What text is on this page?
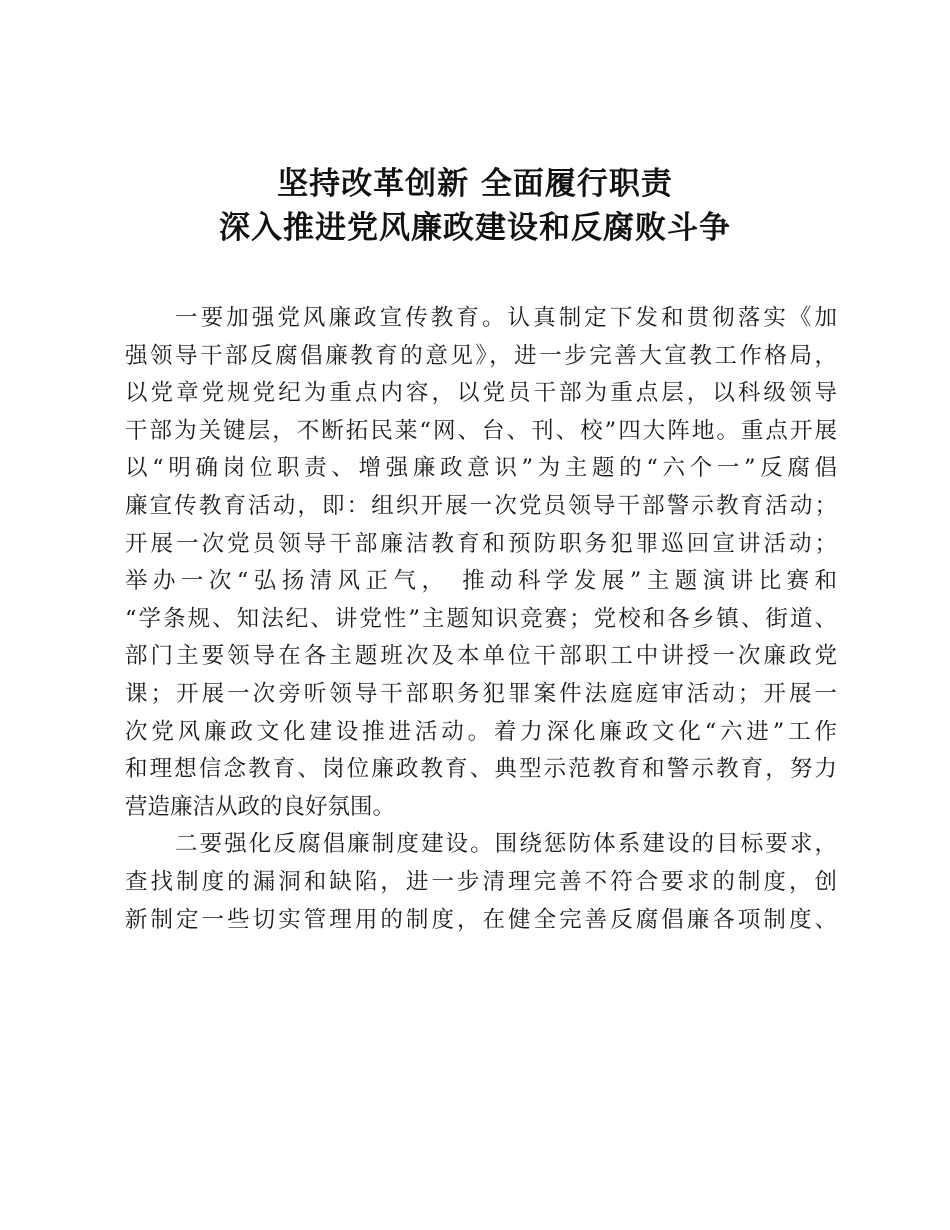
坚持改革创新 全面履行职责
深入推进党风廉政建设和反腐败斗争
一要加强党风廉政宣传教育。认真制定下发和贯彻落实《加
强领导干部反腐倡廉教育的意见》，进一步完善大宣教工作格局，
以党章党规党纪为重点内容，以党员干部为重点层，以科级领导
干部为关键层，不断拓民莱“网、台、刊、校”四大阵地。重点开展
以“明确岗位职责、增强廉政意识”为主题的“六个一”反腐倡
廉宣传教育活动，即：组织开展一次党员领导干部警示教育活动；
开展一次党员领导干部廉洁教育和预防职务犯罪巡回宣讲活动；
举办一次“弘扬清风正气， 推动科学发展”主题演讲比赛和
“学条规、知法纪、讲党性”主题知识竞赛；党校和各乡镇、街道、
部门主要领导在各主题班次及本单位干部职工中讲授一次廉政党
课；开展一次旁听领导干部职务犯罪案件法庭庭审活动；开展一
次党风廉政文化建设推进活动。着力深化廉政文化“六进”工作
和理想信念教育、岗位廉政教育、典型示范教育和警示教育，努力
营造廉洁从政的良好氛围。
二要强化反腐倡廉制度建设。围绕惩防体系建设的目标要求，
查找制度的漏洞和缺陷，进一步清理完善不符合要求的制度，创
新制定一些切实管理用的制度，在健全完善反腐倡廉各项制度、
